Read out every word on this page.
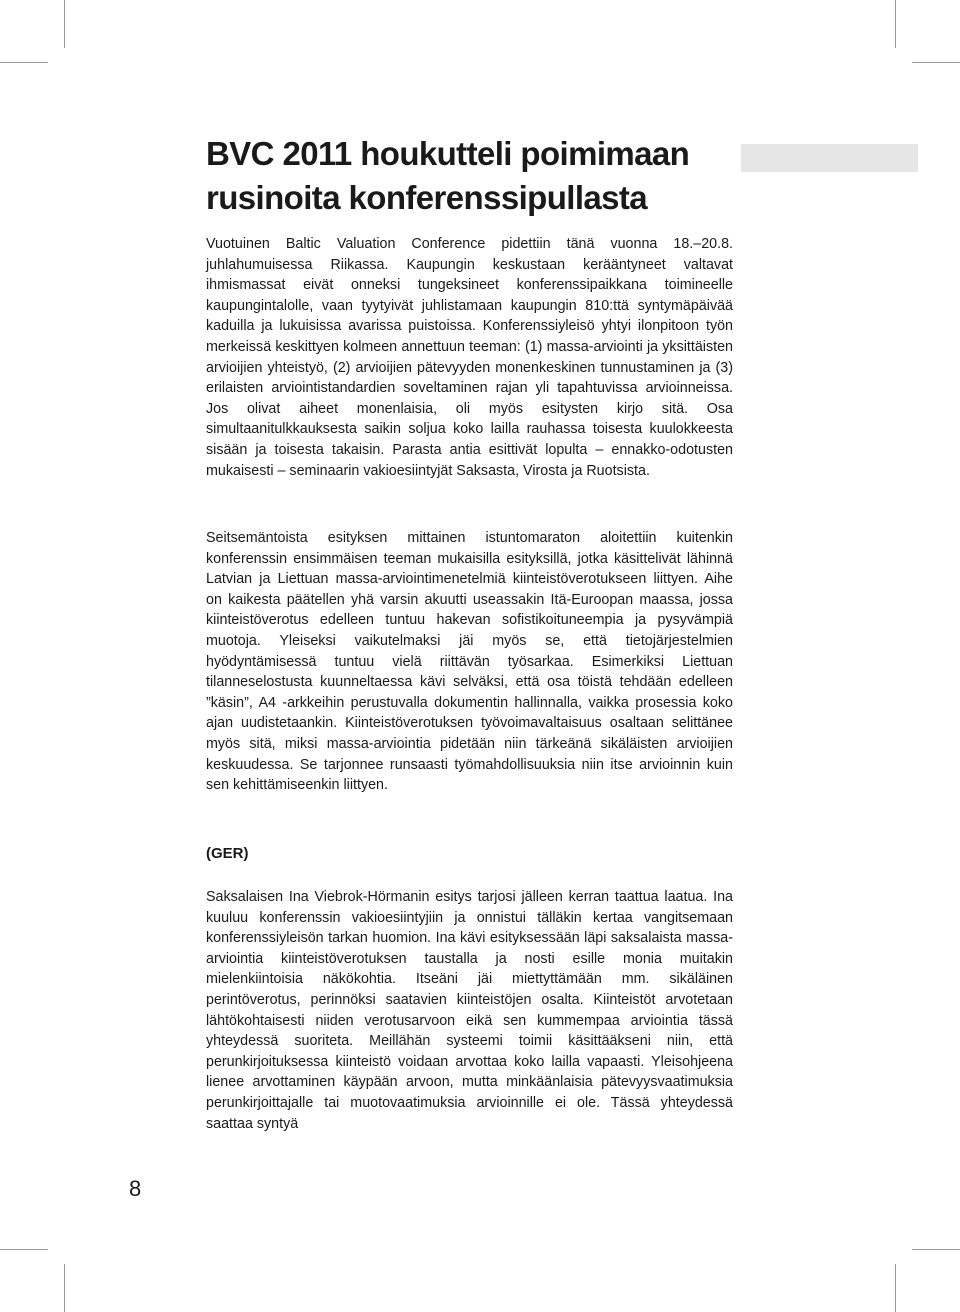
BVC 2011 houkutteli poimimaan rusinoita konferenssipullasta

Vuotuinen Baltic Valuation Conference pidettiin tänä vuonna 18.–20.8. juhlahumuisessa Riikassa. Kaupungin keskustaan kerääntyneet valtavat ihmismassat eivät onneksi tungeksineet konferenssipaikkana toimineelle kaupungintalolle, vaan tyytyivät juhlistamaan kaupungin 810:ttä syntymäpäivää kaduilla ja lukuisissa avarissa puistoissa. Konferenssiyleisö yhtyi ilonpitoon työn merkeissä keskittyen kolmeen annettuun teeman: (1) massa-arviointi ja yksittäisten arvioijien yhteistyö, (2) arvioijien pätevyyden monenkeskinen tunnustaminen ja (3) erilaisten arviointistandardien soveltaminen rajan yli tapahtuvissa arvioinneissa. Jos olivat aiheet monenlaisia, oli myös esitysten kirjo sitä. Osa simultaanitulkkauksesta saikin soljua koko lailla rauhassa toisesta kuulokkeesta sisään ja toisesta takaisin. Parasta antia esittivät lopulta – ennakko-odotusten mukaisesti – seminaarin vakioesiintyjät Saksasta, Virosta ja Ruotsista.

Seitsemäntoista esityksen mittainen istuntomaraton aloitettiin kuitenkin konferenssin ensimmäisen teeman mukaisilla esityksillä, jotka käsittelivät lähinnä Latvian ja Liettuan massa-arviointimenetelmiä kiinteistöverotukseen liittyen. Aihe on kaikesta päätellen yhä varsin akuutti useassakin Itä-Euroopan maassa, jossa kiinteistöverotus edelleen tuntuu hakevan sofistikoituneempia ja pysyvämpiä muotoja. Yleiseksi vaikutelmaksi jäi myös se, että tietojärjestelmien hyödyntämisessä tuntuu vielä riittävän työsarkaa. Esimerkiksi Liettuan tilanneselostusta kuunneltaessa kävi selväksi, että osa töistä tehdään edelleen ”käsin”, A4 -arkkeihin perustuvalla dokumentin hallinnalla, vaikka prosessia koko ajan uudistetaankin. Kiinteistöverotuksen työvoimavaltaisuus osaltaan selittänee myös sitä, miksi massa-arviointia pidetään niin tärkeänä sikäläisten arvioijien keskuudessa. Se tarjonnee runsaasti työmahdollisuuksia niin itse arvioinnin kuin sen kehittämiseenkin liittyen.

(GER)

Saksalaisen Ina Viebrok-Hörmanin esitys tarjosi jälleen kerran taattua laatua. Ina kuuluu konferenssin vakioesiintyjiin ja onnistui tälläkin kertaa vangitsemaan konferenssiyleisön tarkan huomion. Ina kävi esityksessään läpi saksalaista massa-arviointia kiinteistöverotuksen taustalla ja nosti esille monia muitakin mielenkiintoisia näkökohtia. Itseäni jäi miettyttämään mm. sikäläinen perintöverotus, perinnöksi saatavien kiinteistöjen osalta. Kiinteistöt arvotetaan lähtökohtaisesti niiden verotusarvoon eikä sen kummempaa arviointia tässä yhteydessä suoriteta. Meillähän systeemi toimii käsittääkseni niin, että perunkirjoituksessa kiinteistö voidaan arvottaa koko lailla vapaasti. Yleisohjeena lienee arvottaminen käypään arvoon, mutta minkäänlaisia pätevyysvaatimuksia perunkirjoittajalle tai muotovaatimuksia arvioinnille ei ole. Tässä yhteydessä saattaa syntyä

8
